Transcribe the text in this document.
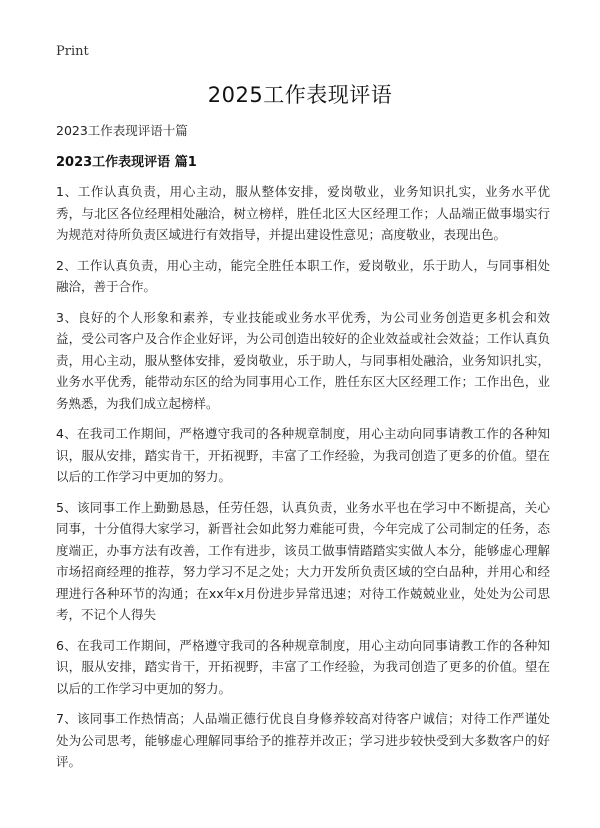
Print
2025工作表现评语
2023工作表现评语十篇
2023工作表现评语 篇1

1、工作认真负责，用心主动，服从整体安排，爱岗敬业，业务知识扎实，业务水平优秀，与北区各位经理相处融洽，树立榜样，胜任北区大区经理工作；人品端正做事塌实行为规范对待所负责区域进行有效指导，并提出建设性意见；高度敬业，表现出色。

2、工作认真负责，用心主动，能完全胜任本职工作，爱岗敬业，乐于助人，与同事相处融洽，善于合作。

3、良好的个人形象和素养，专业技能或业务水平优秀，为公司业务创造更多机会和效益，受公司客户及合作企业好评，为公司创造出较好的企业效益或社会效益；工作认真负责，用心主动，服从整体安排，爱岗敬业，乐于助人，与同事相处融洽，业务知识扎实，业务水平优秀，能带动东区的给为同事用心工作，胜任东区大区经理工作；工作出色，业务熟悉，为我们成立起榜样。

4、在我司工作期间，严格遵守我司的各种规章制度，用心主动向同事请教工作的各种知识，服从安排，踏实肯干，开拓视野，丰富了工作经验，为我司创造了更多的价值。望在以后的工作学习中更加的努力。

5、该同事工作上勤勤恳恳，任劳任怨，认真负责，业务水平也在学习中不断提高，关心同事，十分值得大家学习，新晋社会如此努力难能可贵，今年完成了公司制定的任务，态度端正，办事方法有改善，工作有进步，该员工做事情踏踏实实做人本分，能够虚心理解市场招商经理的推荐，努力学习不足之处；大力开发所负责区域的空白品种，并用心和经理进行各种环节的沟通；在xx年x月份进步异常迅速；对待工作兢兢业业，处处为公司思考，不记个人得失

6、在我司工作期间，严格遵守我司的各种规章制度，用心主动向同事请教工作的各种知识，服从安排，踏实肯干，开拓视野，丰富了工作经验，为我司创造了更多的价值。望在以后的工作学习中更加的努力。

7、该同事工作热情高；人品端正德行优良自身修养较高对待客户诚信；对待工作严谨处处为公司思考，能够虚心理解同事给予的推荐并改正；学习进步较快受到大多数客户的好评。
